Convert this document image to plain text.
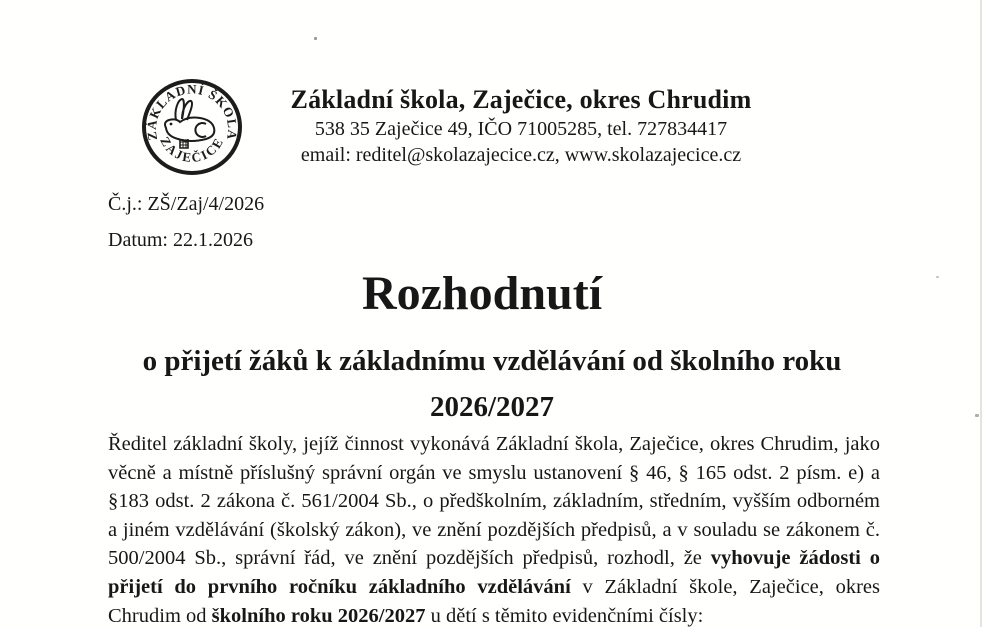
ZÁKLADNÍ ŠKOLA
ZAJEČICE
Základní škola, Zaječice, okres Chrudim
538 35 Zaječice 49, IČO 71005285, tel. 727834417
email: reditel@skolazajecice.cz, www.skolazajecice.cz
Č.j.: ZŠ/Zaj/4/2026
Datum: 22.1.2026
Rozhodnutí
o přijetí žáků k základnímu vzdělávání od školního roku 2026/2027
Ředitel základní školy, jejíž činnost vykonává Základní škola, Zaječice, okres Chrudim, jako věcně a místně příslušný správní orgán ve smyslu ustanovení § 46, § 165 odst. 2 písm. e) a §183 odst. 2 zákona č. 561/2004 Sb., o předškolním, základním, středním, vyšším odborném a jiném vzdělávání (školský zákon), ve znění pozdějších předpisů, a v souladu se zákonem č. 500/2004 Sb., správní řád, ve znění pozdějších předpisů, rozhodl, že vyhovuje žádosti o přijetí do prvního ročníku základního vzdělávání v Základní škole, Zaječice, okres Chrudim od školního roku 2026/2027 u dětí s těmito evidenčními čísly:
